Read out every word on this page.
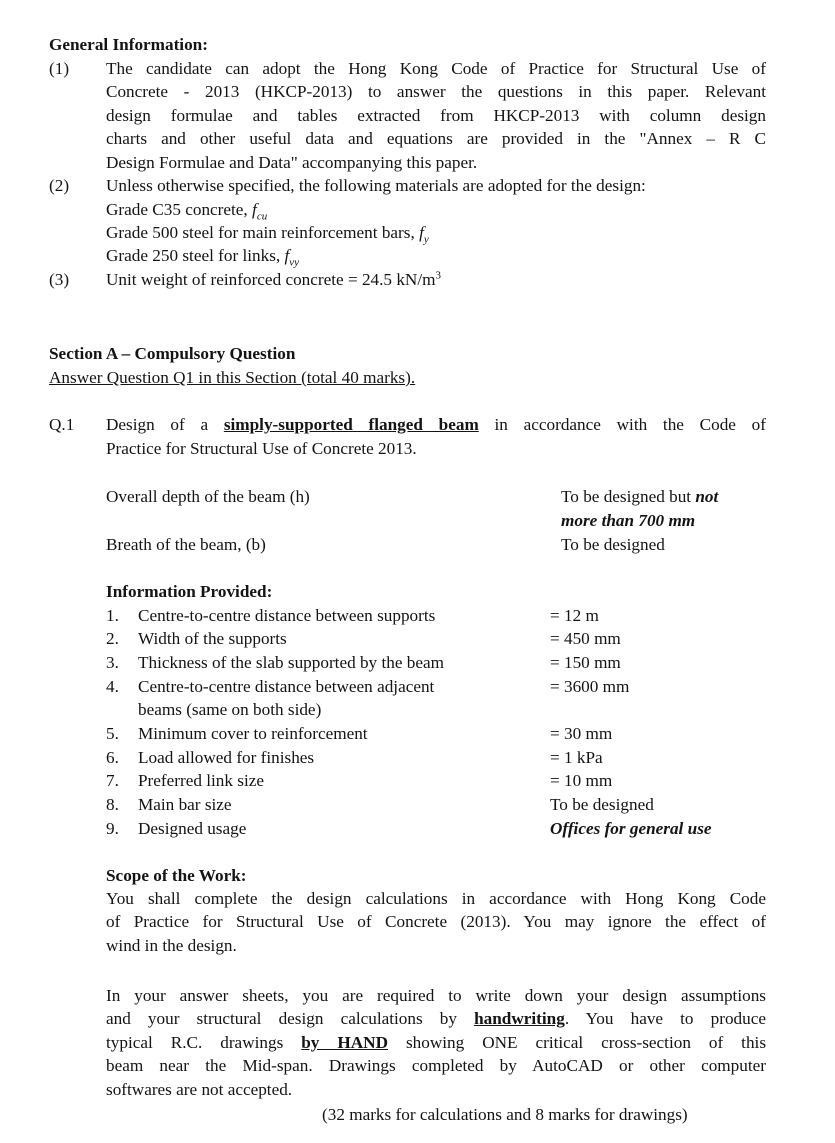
General Information:
(1) The candidate can adopt the Hong Kong Code of Practice for Structural Use of
Concrete - 2013 (HKCP-2013) to answer the questions in this paper. Relevant
design formulae and tables extracted from HKCP-2013 with column design
charts and other useful data and equations are provided in the "Annex – R C
Design Formulae and Data" accompanying this paper.
(2) Unless otherwise specified, the following materials are adopted for the design:
Grade C35 concrete, $f_{cu}$
Grade 500 steel for main reinforcement bars, $f_y$
Grade 250 steel for links, $f_{vy}$
(3) Unit weight of reinforced concrete = 24.5 $kN/m^3$
Section A – Compulsory Question
Answer Question Q1 in this Section (total 40 marks).
Q.1 Design of a simply-supported flanged beam in accordance with the Code of
Practice for Structural Use of Concrete 2013.
Overall depth of the beam (h)	To be designed but not
more than 700 mm
Breath of the beam, (b)	To be designed
Information Provided:
1. Centre-to-centre distance between supports	= 12 m
2. Width of the supports	= 450 mm
3. Thickness of the slab supported by the beam	= 150 mm
4. Centre-to-centre distance between adjacent
beams (same on both side)
= 3600 mm
5. Minimum cover to reinforcement	= 30 mm
6. Load allowed for finishes	= 1 kPa
7. Preferred link size	= 10 mm
8. Main bar size	To be designed
9. Designed usage	Offices for general use
Scope of the Work:
You shall complete the design calculations in accordance with Hong Kong Code
of Practice for Structural Use of Concrete (2013). You may ignore the effect of
wind in the design.
In your answer sheets, you are required to write down your design assumptions
and your structural design calculations by handwriting. You have to produce
typical R.C. drawings by HAND showing ONE critical cross-section of this
beam near the Mid-span. Drawings completed by AutoCAD or other computer
softwares are not accepted.
(32 marks for calculations and 8 marks for drawings)
